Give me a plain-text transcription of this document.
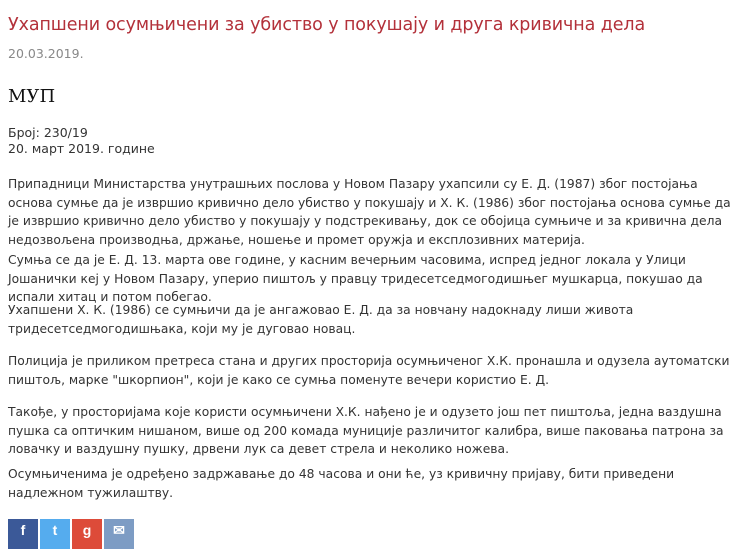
Ухапшени осумњичени за убиство у покушају и друга кривична дела
20.03.2019.
МУП
Број: 230/19
20. март 2019. године

Припадници Министарства унутрашњих послова у Новом Пазару ухапсили су Е. Д. (1987) због постојања основа сумње да је извршио кривично дело убиство у покушају и Х. К. (1986) због постојања основа сумње да је извршио кривично дело убиство у покушају у подстрекивању, док се обојица сумњиче и за кривична дела недозвољена производња, држање, ношење и промет оружја и експлозивних материја.

Сумња се да је Е. Д. 13. марта ове године, у касним вечерњим часовима, испред једног локала у Улици Јошанички кеј у Новом Пазару, уперио пиштољ у правцу тридесетседмогодишњег мушкарца, покушао да испали хитац и потом побегао.

Ухапшени Х. К. (1986) се сумњичи да је ангажовао Е. Д. да за новчану надокнаду лиши живота тридесетседмогодишњака, који му је дуговао новац.

Полиција је приликом претреса стана и других просторија осумњиченог Х.К. пронашла и одузела аутоматски пиштољ, марке "шкорпион", који је како се сумња поменуте вечери користио Е. Д.

Такође, у просторијама које користи осумњичени Х.К. нађено је и одузето још пет пиштоља, једна ваздушна пушка са оптичким нишаном, више од 200 комада муниције различитог калибра, више паковања патрона за ловачку и ваздушну пушку, дрвени лук са девет стрела и неколико ножева.

Осумњиченима је одређено задржавање до 48 часова и они ће, уз кривичну пријаву, бити приведени надлежном тужилаштву.

f t g ✉
